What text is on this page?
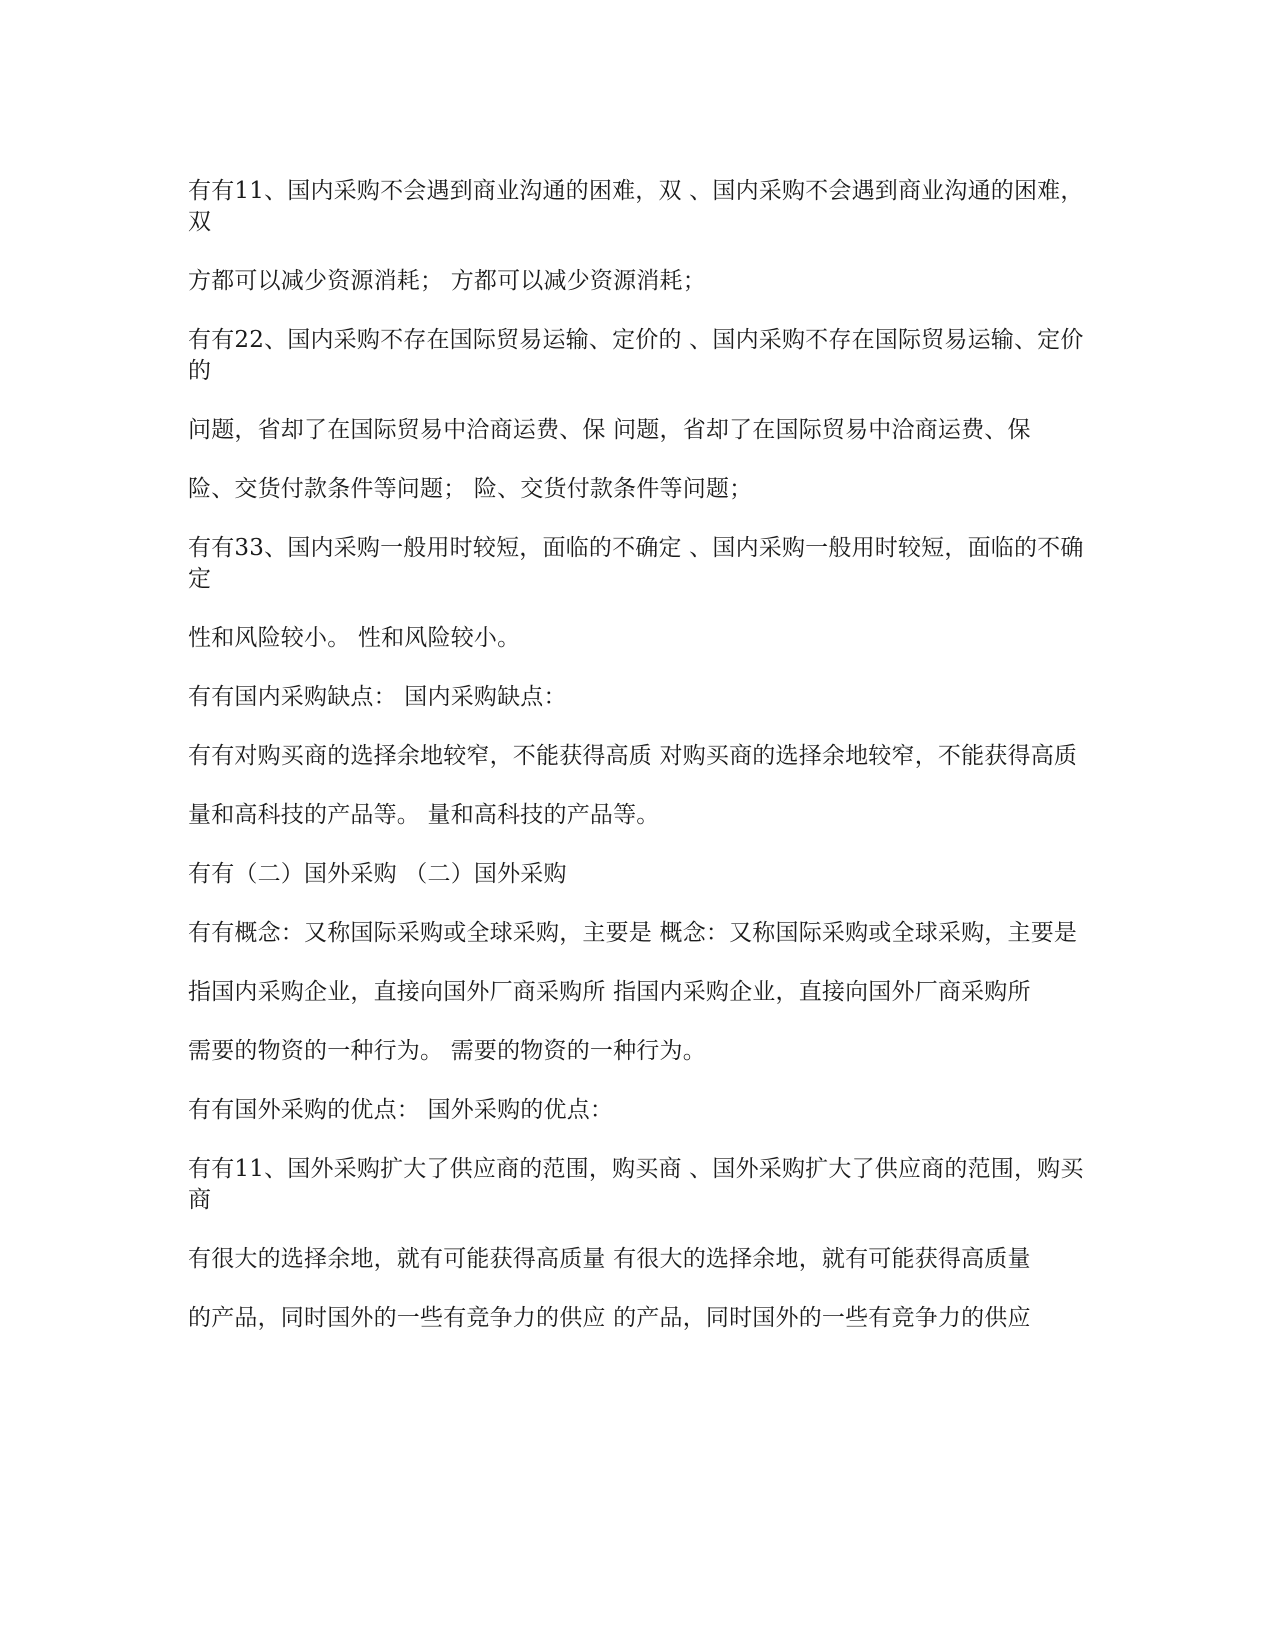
有有11、国内采购不会遇到商业沟通的困难，双 、国内采购不会遇到商业沟通的困难，双

方都可以减少资源消耗； 方都可以减少资源消耗；

有有22、国内采购不存在国际贸易运输、定价的 、国内采购不存在国际贸易运输、定价的

问题，省却了在国际贸易中洽商运费、保 问题，省却了在国际贸易中洽商运费、保

险、交货付款条件等问题； 险、交货付款条件等问题；

有有33、国内采购一般用时较短，面临的不确定 、国内采购一般用时较短，面临的不确定

性和风险较小。 性和风险较小。

有有国内采购缺点： 国内采购缺点：

有有对购买商的选择余地较窄，不能获得高质 对购买商的选择余地较窄，不能获得高质

量和高科技的产品等。 量和高科技的产品等。

有有（二）国外采购 （二）国外采购

有有概念：又称国际采购或全球采购，主要是 概念：又称国际采购或全球采购，主要是

指国内采购企业，直接向国外厂商采购所 指国内采购企业，直接向国外厂商采购所

需要的物资的一种行为。 需要的物资的一种行为。

有有国外采购的优点： 国外采购的优点：

有有11、国外采购扩大了供应商的范围，购买商 、国外采购扩大了供应商的范围，购买商

有很大的选择余地，就有可能获得高质量 有很大的选择余地，就有可能获得高质量

的产品，同时国外的一些有竞争力的供应 的产品，同时国外的一些有竞争力的供应
